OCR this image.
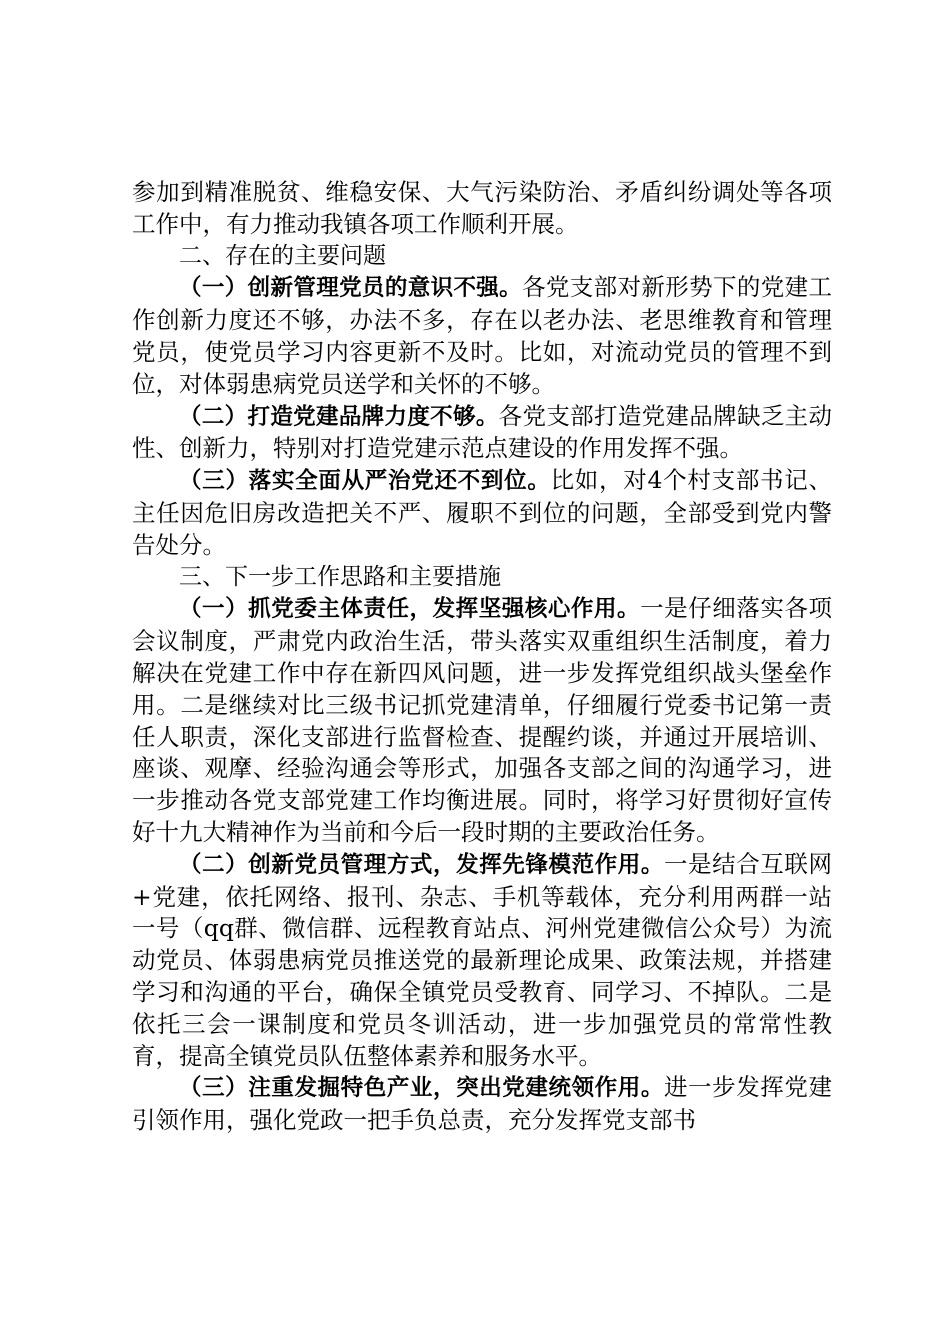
参加到精准脱贫、维稳安保、大气污染防治、矛盾纠纷调处等各项工作中，有力推动我镇各项工作顺利开展。

二、存在的主要问题

（一）创新管理党员的意识不强。各党支部对新形势下的党建工作创新力度还不够，办法不多，存在以老办法、老思维教育和管理党员，使党员学习内容更新不及时。比如，对流动党员的管理不到位，对体弱患病党员送学和关怀的不够。

（二）打造党建品牌力度不够。各党支部打造党建品牌缺乏主动性、创新力，特别对打造党建示范点建设的作用发挥不强。

（三）落实全面从严治党还不到位。比如，对4个村支部书记、主任因危旧房改造把关不严、履职不到位的问题，全部受到党内警告处分。

三、下一步工作思路和主要措施

（一）抓党委主体责任，发挥坚强核心作用。一是仔细落实各项会议制度，严肃党内政治生活，带头落实双重组织生活制度，着力解决在党建工作中存在新四风问题，进一步发挥党组织战头堡垒作用。二是继续对比三级书记抓党建清单，仔细履行党委书记第一责任人职责，深化支部进行监督检查、提醒约谈，并通过开展培训、座谈、观摩、经验沟通会等形式，加强各支部之间的沟通学习，进一步推动各党支部党建工作均衡进展。同时，将学习好贯彻好宣传好十九大精神作为当前和今后一段时期的主要政治任务。

（二）创新党员管理方式，发挥先锋模范作用。一是结合互联网+党建，依托网络、报刊、杂志、手机等载体，充分利用两群一站一号（qq群、微信群、远程教育站点、河州党建微信公众号）为流动党员、体弱患病党员推送党的最新理论成果、政策法规，并搭建学习和沟通的平台，确保全镇党员受教育、同学习、不掉队。二是依托三会一课制度和党员冬训活动，进一步加强党员的常常性教育，提高全镇党员队伍整体素养和服务水平。

（三）注重发掘特色产业，突出党建统领作用。进一步发挥党建引领作用，强化党政一把手负总责，充分发挥党支部书
